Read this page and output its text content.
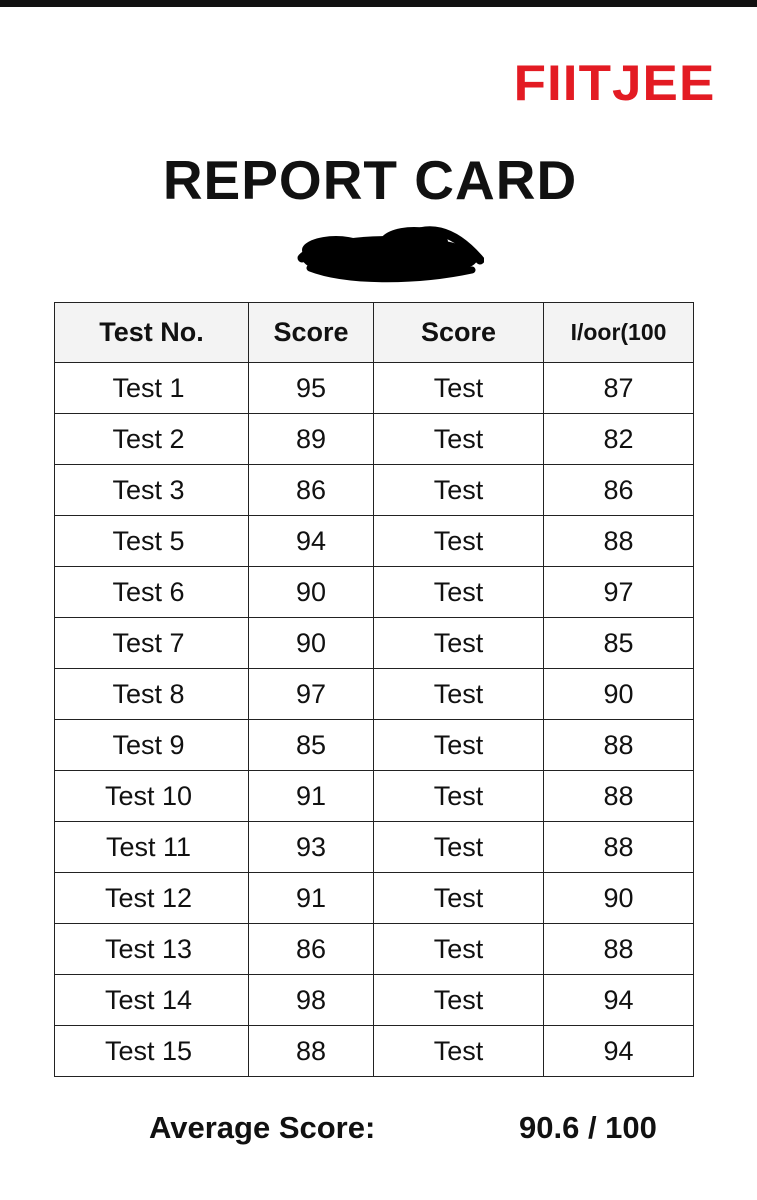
FIITJEE
REPORT CARD
Test No.	Score	Score	I/oor(100
Test 1	95	Test	87
Test 2	89	Test	82
Test 3	86	Test	86
Test 5	94	Test	88
Test 6	90	Test	97
Test 7	90	Test	85
Test 8	97	Test	90
Test 9	85	Test	88
Test 10	91	Test	88
Test 11	93	Test	88
Test 12	91	Test	90
Test 13	86	Test	88
Test 14	98	Test	94
Test 15	88	Test	94
Average Score:	90.6 / 100
